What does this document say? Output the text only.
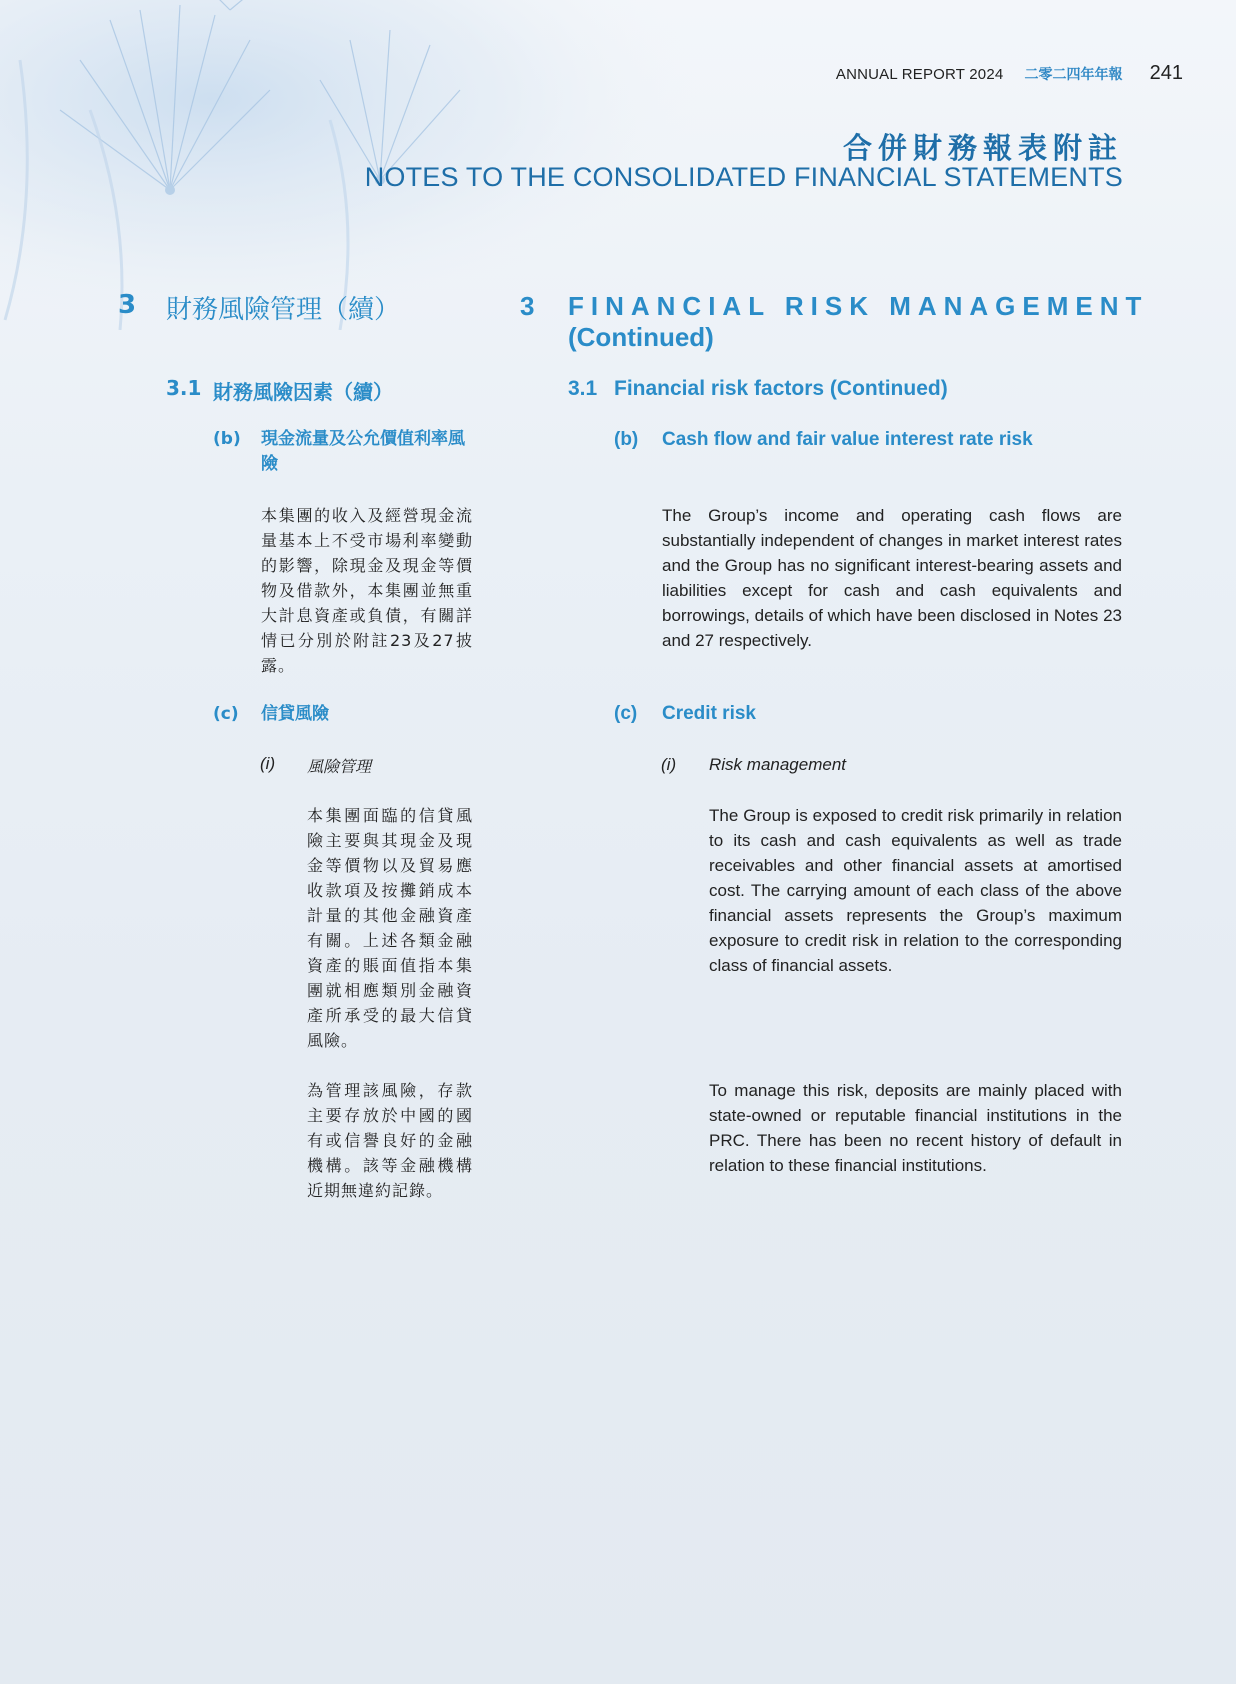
ANNUAL REPORT 2024 二零二四年年報 241
合併財務報表附註
NOTES TO THE CONSOLIDATED FINANCIAL STATEMENTS
3 財務風險管理（續）
3.1 財務風險因素（續）
(b) 現金流量及公允價值利率風險
本集團的收入及經營現金流量基本上不受市場利率變動的影響，除現金及現金等價物及借款外，本集團並無重大計息資產或負債，有關詳情已分別於附註23及27披露。
(c) 信貸風險
(i) 風險管理
本集團面臨的信貸風險主要與其現金及現金等價物以及貿易應收款項及按攤銷成本計量的其他金融資產有關。上述各類金融資產的賬面值指本集團就相應類別金融資產所承受的最大信貸風險。
為管理該風險，存款主要存放於中國的國有或信譽良好的金融機構。該等金融機構近期無違約記錄。
3 FINANCIAL RISK MANAGEMENT
(Continued)
3.1 Financial risk factors (Continued)
(b) Cash flow and fair value interest rate risk
The Group’s income and operating cash flows are substantially independent of changes in market interest rates and the Group has no significant interest-bearing assets and liabilities except for cash and cash equivalents and borrowings, details of which have been disclosed in Notes 23 and 27 respectively.
(c) Credit risk
(i) Risk management
The Group is exposed to credit risk primarily in relation to its cash and cash equivalents as well as trade receivables and other financial assets at amortised cost. The carrying amount of each class of the above financial assets represents the Group’s maximum exposure to credit risk in relation to the corresponding class of financial assets.
To manage this risk, deposits are mainly placed with state-owned or reputable financial institutions in the PRC. There has been no recent history of default in relation to these financial institutions.
